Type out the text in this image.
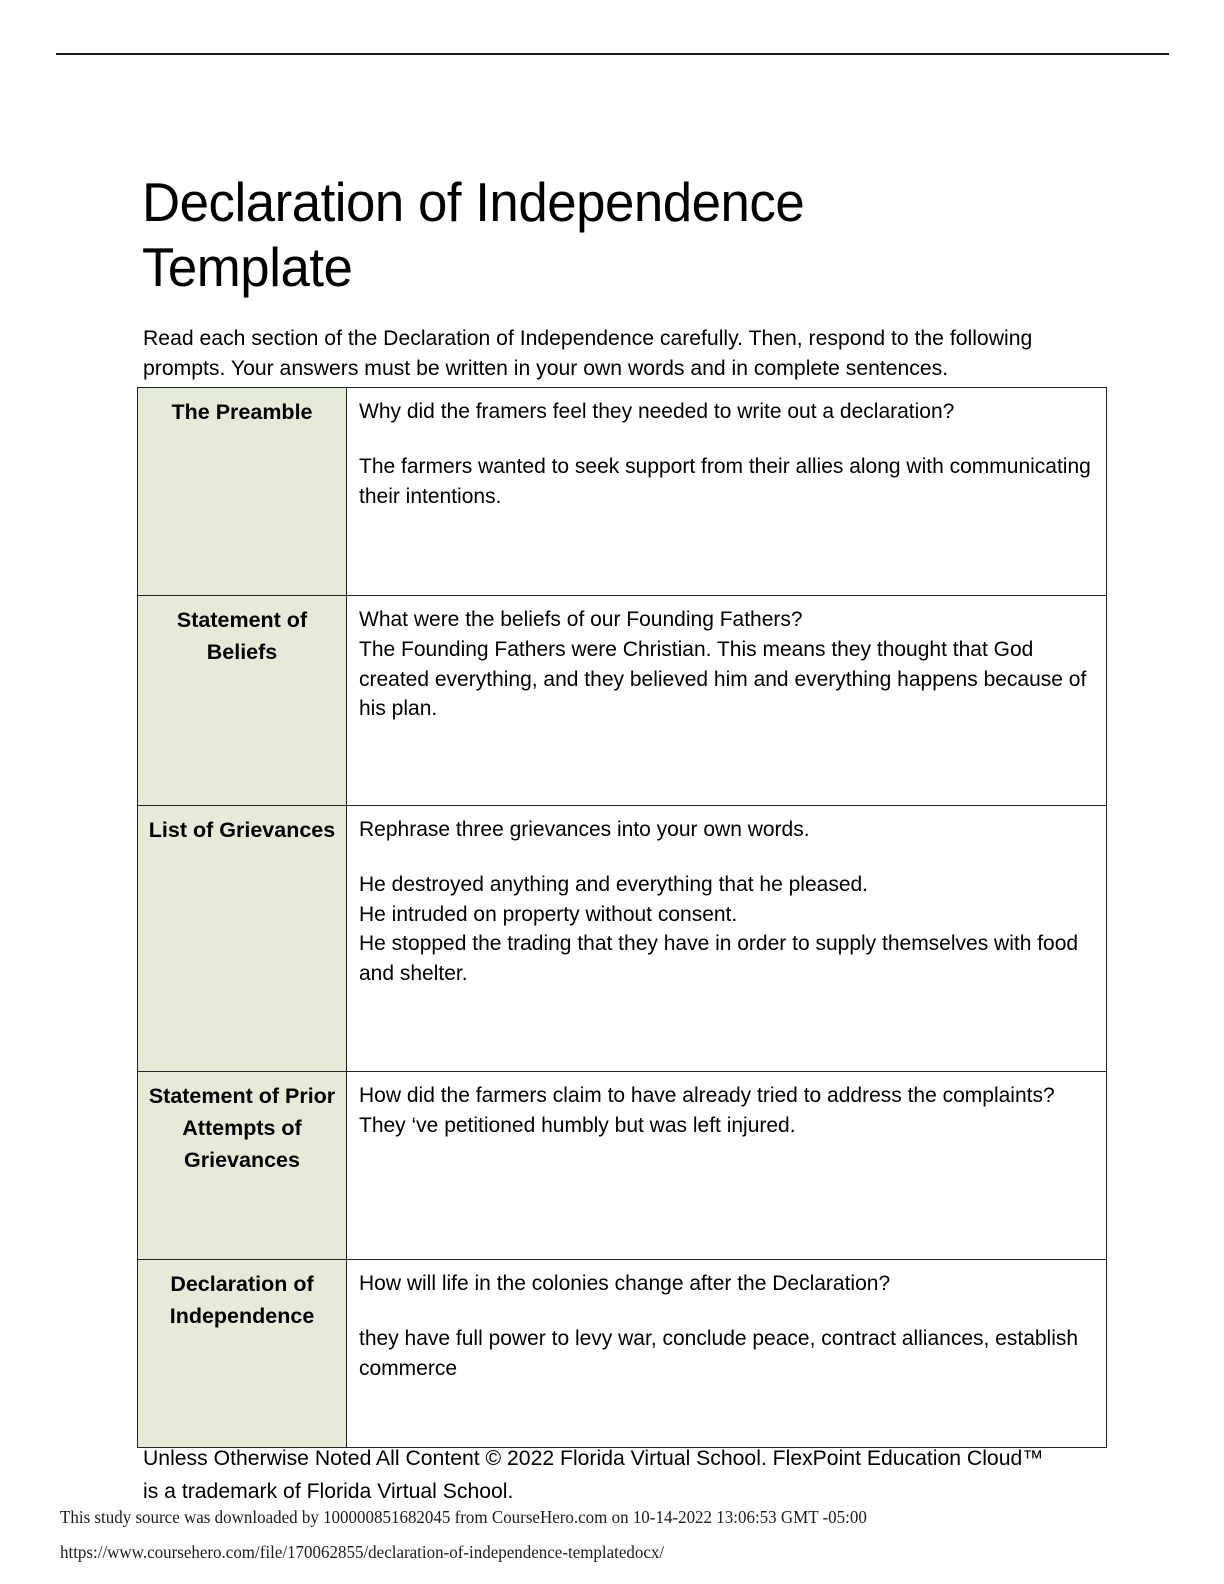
Declaration of Independence Template

Read each section of the Declaration of Independence carefully. Then, respond to the following prompts. Your answers must be written in your own words and in complete sentences.

The Preamble	Why did the framers feel they needed to write out a declaration?
The farmers wanted to seek support from their allies along with communicating their intentions.

Statement of Beliefs	What were the beliefs of our Founding Fathers?
The Founding Fathers were Christian. This means they thought that God created everything, and they believed him and everything happens because of his plan.

List of Grievances	Rephrase three grievances into your own words.
He destroyed anything and everything that he pleased.
He intruded on property without consent.
He stopped the trading that they have in order to supply themselves with food and shelter.

Statement of Prior Attempts of Grievances	How did the farmers claim to have already tried to address the complaints?
They ‘ve petitioned humbly but was left injured.

Declaration of Independence	How will life in the colonies change after the Declaration?
they have full power to levy war, conclude peace, contract alliances, establish commerce
Unless Otherwise Noted All Content © 2022 Florida Virtual School. FlexPoint Education Cloud™ is a trademark of Florida Virtual School.
This study source was downloaded by 100000851682045 from CourseHero.com on 10-14-2022 13:06:53 GMT -05:00
https://www.coursehero.com/file/170062855/declaration-of-independence-templatedocx/
